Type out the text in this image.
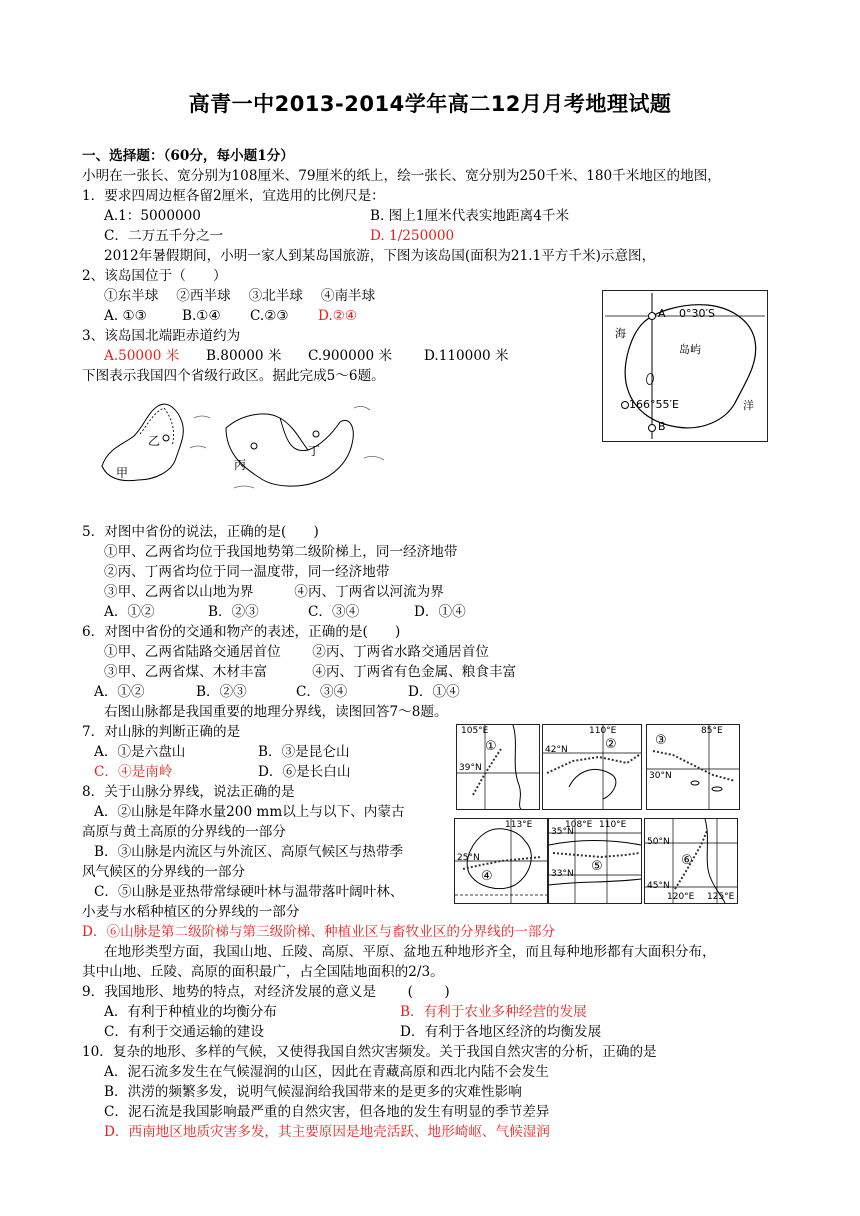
高青一中2013-2014学年高二12月月考地理试题
一、选择题：（60分，每小题1分）
小明在一张长、宽分别为108厘米、79厘米的纸上，绘一张长、宽分别为250千米、180千米地区的地图，
1．要求四周边框各留2厘米，宜选用的比例尺是：
A.1：5000000	B. 图上1厘米代表实地距离4千米
C．二万五千分之一	D. 1/250000
2012年暑假期间，小明一家人到某岛国旅游，下图为该岛国(面积为21.1平方千米)示意图，
2、该岛国位于（　　）
①东半球　 ②西半球　 ③北半球　 ④南半球
A. ①③	B.①④ C.②③ D.②④
3、该岛国北端距赤道约为
A.50000 米 B.80000 米 C.900000 米 D.110000 米
下图表示我国四个省级行政区。据此完成5～6题。
A 0°30′S
B
166°55′E
海
洋
岛屿
甲
乙
丙
丁
5．对图中省份的说法，正确的是(　　)
①甲、乙两省均位于我国地势第二级阶梯上，同一经济地带
②丙、丁两省均位于同一温度带，同一经济地带
③甲、乙两省以山地为界　　　④丙、丁两省以河流为界
A．①②	B．②③	C．③④	D．①④
6．对图中省份的交通和物产的表述，正确的是(　　)
①甲、乙两省陆路交通居首位　　 ②丙、丁两省水路交通居首位
③甲、乙两省煤、木材丰富　　　 ④丙、丁两省有色金属、粮食丰富
A．①②	B．②③	C．③④	D．①④
右图山脉都是我国重要的地理分界线，读图回答7～8题。
7．对山脉的判断正确的是
A．①是六盘山	B．③是昆仑山
C．④是南岭	D．⑥是长白山
8．关于山脉分界线，说法正确的是
A．②山脉是年降水量200 mm以上与以下、内蒙古
高原与黄土高原的分界线的一部分
B．③山脉是内流区与外流区、高原气候区与热带季
风气候区的分界线的一部分
C．⑤山脉是亚热带常绿硬叶林与温带落叶阔叶林、
小麦与水稻种植区的分界线的一部分
D．⑥山脉是第二级阶梯与第三级阶梯、种植业区与畜牧业区的分界线的一部分
105°E
39°N
①
110°E
42°N	②
85°E
30°N
③
113°E
25°N
④
108°E 110°E
35°N
33°N ⑤
50°N
45°N
120°E 125°E
⑥
在地形类型方面，我国山地、丘陵、高原、平原、盆地五种地形齐全，而且每种地形都有大面积分布，
其中山地、丘陵、高原的面积最广，占全国陆地面积的2/3。
9．我国地形、地势的特点，对经济发展的意义是　　 (　　 )
A．有利于种植业的均衡分布	B．有利于农业多种经营的发展
C．有利于交通运输的建设	D．有利于各地区经济的均衡发展
10．复杂的地形、多样的气候，又使得我国自然灾害频发。关于我国自然灾害的分析，正确的是
A．泥石流多发生在气候湿润的山区，因此在青藏高原和西北内陆不会发生
B．洪涝的频繁多发，说明气候湿润给我国带来的是更多的灾难性影响
C．泥石流是我国影响最严重的自然灾害，但各地的发生有明显的季节差异
D．西南地区地质灾害多发，其主要原因是地壳活跃、地形崎岖、气候湿润
